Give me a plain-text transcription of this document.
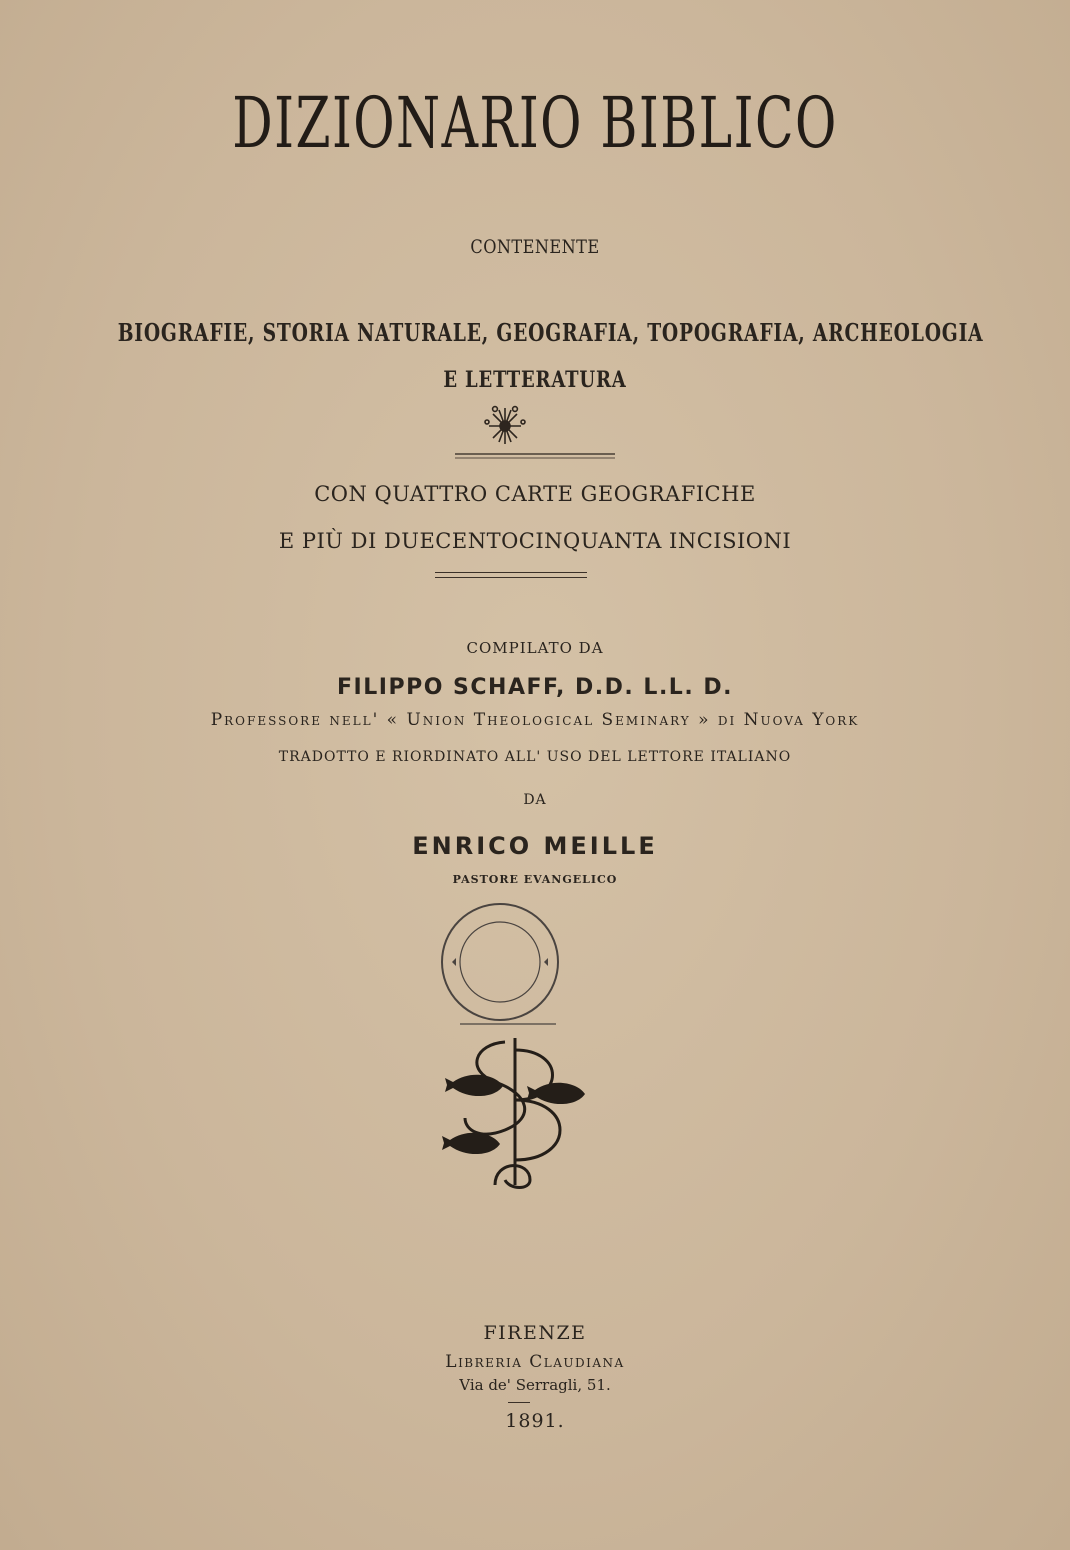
DIZIONARIO BIBLICO
CONTENENTE
BIOGRAFIE, STORIA NATURALE, GEOGRAFIA, TOPOGRAFIA, ARCHEOLOGIA
E LETTERATURA
CON QUATTRO CARTE GEOGRAFICHE
E PIÙ DI DUECENTOCINQUANTA INCISIONI
COMPILATO DA
FILIPPO SCHAFF, D.D. L.L. D.
Professore nell' « Union Theological Seminary » di Nuova York
TRADOTTO E RIORDINATO ALL' USO DEL LETTORE ITALIANO
DA
ENRICO MEILLE
PASTORE EVANGELICO
FIRENZE
Libreria Claudiana
Via de' Serragli, 51.
1891.
